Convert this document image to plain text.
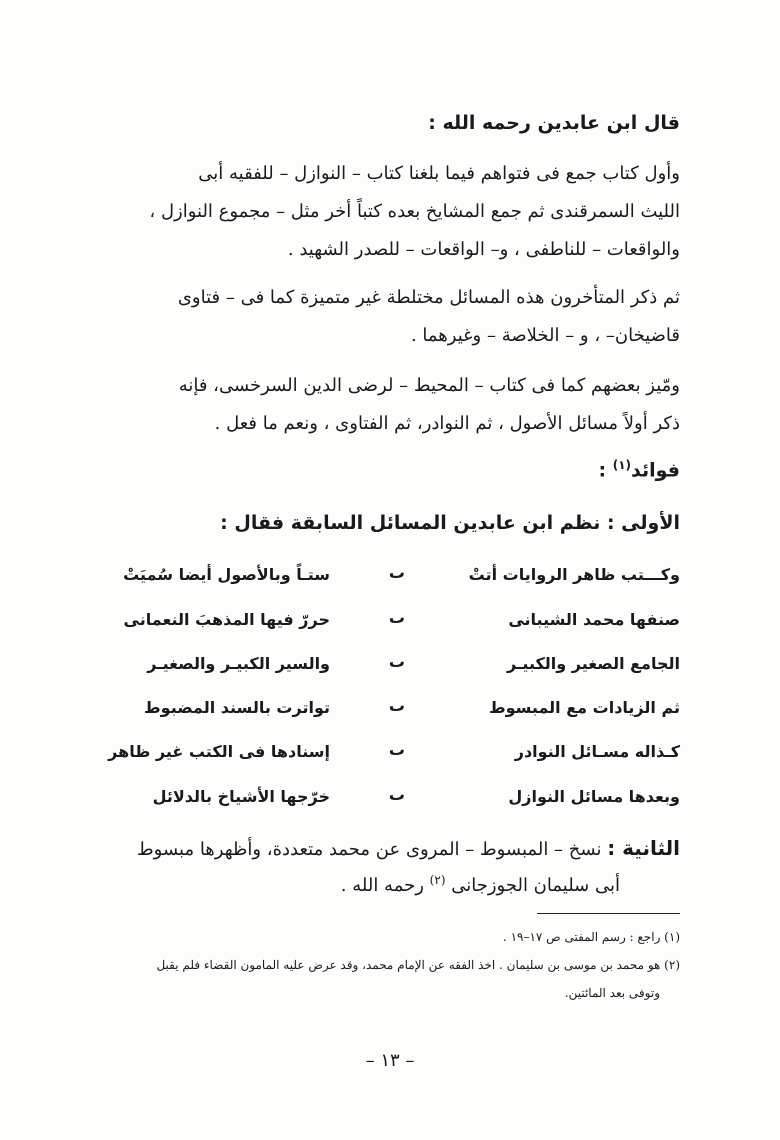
قال ابن عابدين رحمه الله :
وأول كتاب جمع فى فتواهم فيما بلغنا كتاب – النوازل – للفقيه أبى
الليث السمرقندى ثم جمع المشايخ بعده كتباً أخر مثل – مجموع النوازل ،
والواقعات – للناطفى ، و– الواقعات – للصدر الشهيد .
ثم ذكر المتأخرون هذه المسائل مختلطة غير متميزة كما فى – فتاوى
قاضيخان– ، و – الخلاصة – وغيرهما .
ومّيز بعضهم كما فى كتاب – المحيط – لرضى الدين السرخسى، فإنه
ذكر أولاً مسائل الأصول ، ثم النوادر، ثم الفتاوى ، ونعم ما فعل .
فوائد$^{(١)}$ :
الأولى : نظم ابن عابدين المسائل السابقة فقال :
وكـــتب ظاهر الروايات أتتْ
ٮ
ستـاً وبالأصول أيضا سُميَتْ
صنفها محمد الشيبانى
ٮ
حررّ فيها المذهبَ النعمانى
الجامع الصغير والكبيـر
ٮ
والسير الكبيـر والصغيـر
ثم الزيادات مع المبسوط
ٮ
تواترت بالسند المضبوط
كـذاله مسـائل النوادر
ٮ
إسنادها فى الكتب غير ظاهر
وبعدها مسائل النوازل
ٮ
خرّجها الأشياخ بالدلائل
الثانية : نسخ – المبسوط – المروى عن محمد متعددة، وأظهرها مبسوط
أبى سليمان الجوزجانى $^{(٢)}$ رحمه الله .
(١) راجع : رسم المفتى ص ١٧–١٩ .
(٢) هو محمد بن موسى بن سليمان . اخذ الفقه عن الإمام محمد، وقد عرض عليه المامون القضاء فلم يقبل
وتوفى بعد المائتين.
– ١٣ –
